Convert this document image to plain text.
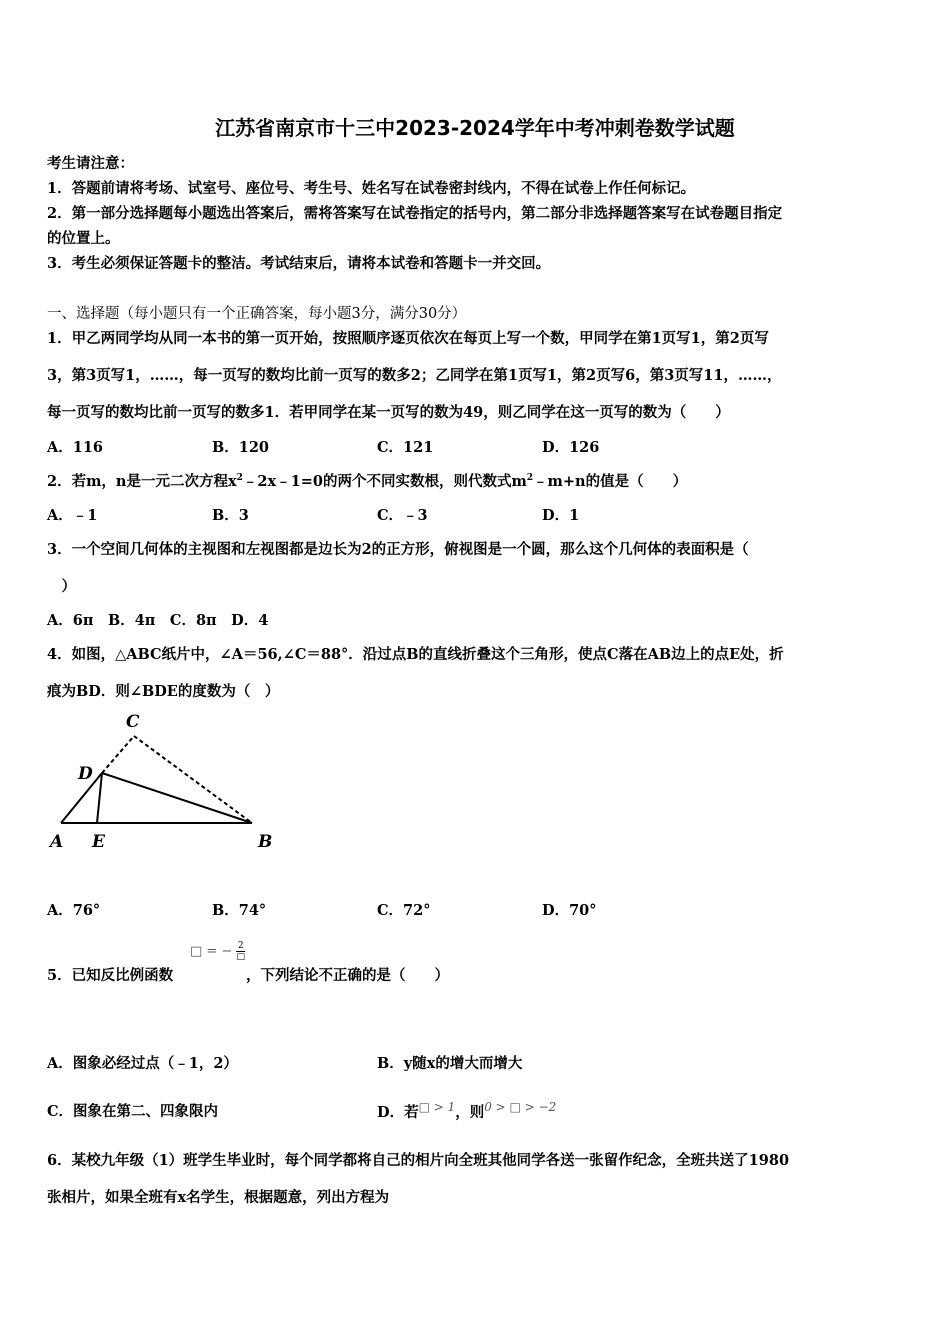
江苏省南京市十三中2023-2024学年中考冲刺卷数学试题
考生请注意：
1．答题前请将考场、试室号、座位号、考生号、姓名写在试卷密封线内，不得在试卷上作任何标记。
2．第一部分选择题每小题选出答案后，需将答案写在试卷指定的括号内，第二部分非选择题答案写在试卷题目指定
的位置上。
3．考生必须保证答题卡的整洁。考试结束后，请将本试卷和答题卡一并交回。
一、选择题（每小题只有一个正确答案，每小题3分，满分30分）
1．甲乙两同学均从同一本书的第一页开始，按照顺序逐页依次在每页上写一个数，甲同学在第1页写1，第2页写
3，第3页写1，……，每一页写的数均比前一页写的数多2；乙同学在第1页写1，第2页写6，第3页写11，……，
每一页写的数均比前一页写的数多1．若甲同学在某一页写的数为49，则乙同学在这一页写的数为（　　）
A．116	B．120	C．121	D．126
2．若m，n是一元二次方程$x^2﹣2x﹣1=0$的两个不同实数根，则代数式$m^2﹣m+n$的值是（　　）
A．﹣1	B．3	C．﹣3	D．1
3．一个空间几何体的主视图和左视图都是边长为2的正方形，俯视图是一个圆，那么这个几何体的表面积是（
　）
A．6π　B．4π　C．8π　D．4
4．如图，△ABC纸片中，∠A＝56,∠C＝88°．沿过点B的直线折叠这个三角形，使点C落在AB边上的点E处，折
痕为BD．则∠BDE的度数为（　）
C
D
A E	B
A．76°	B．74°	C．72°	D．70°
5．已知反比例函数
□ = − $\frac{2}{□}$
，下列结论不正确的是（　　）
A．图象必经过点（﹣1，2）	B．y随x的增大而增大
C．图象在第二、四象限内	D．若$^{□ > 1}$，则$^{0 > □ > -2}$
6．某校九年级（1）班学生毕业时，每个同学都将自己的相片向全班其他同学各送一张留作纪念，全班共送了1980
张相片，如果全班有x名学生，根据题意，列出方程为
